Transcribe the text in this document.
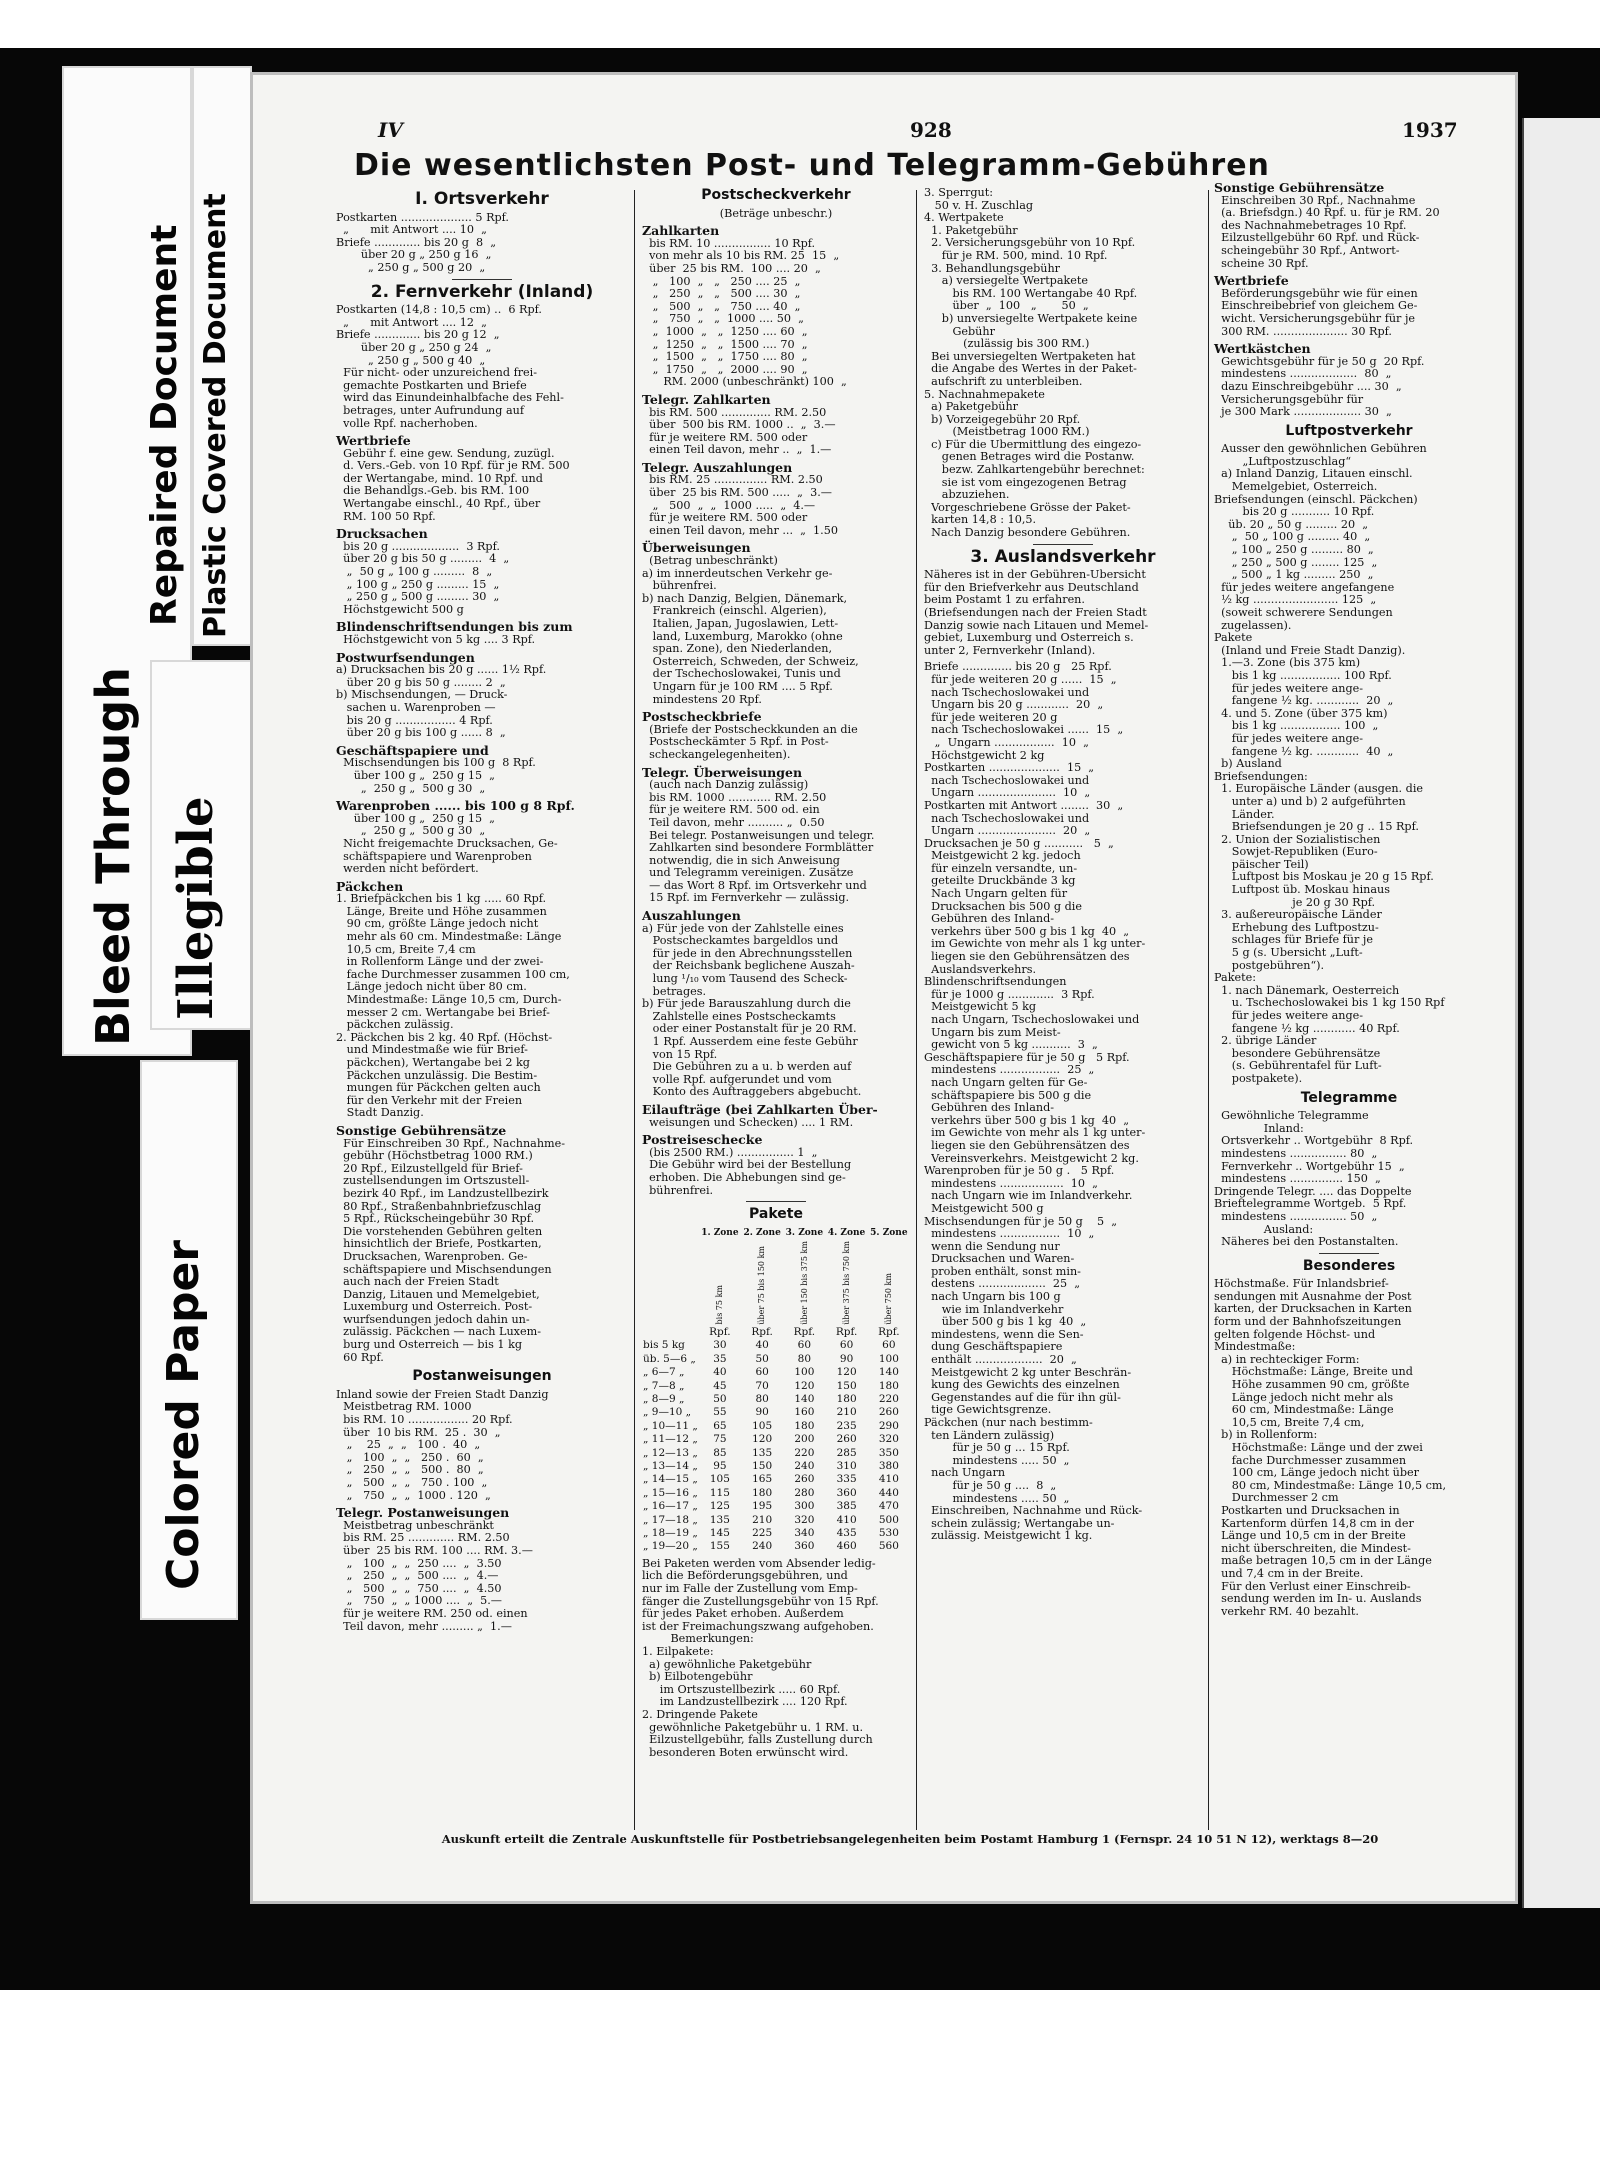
Bleed Through
Repaired Document Plastic Covered Document
Illegible
Colored Paper
IV	928	1937
Die wesentlichsten Post- und Telegramm-Gebühren
I. Ortsverkehr
Postkarten .................... 5 Rpf.
„      mit Antwort .... 10  „
Briefe ............. bis 20 g  8  „
über 20 g „ 250 g 16  „
„ 250 g „ 500 g 20  „
2. Fernverkehr (Inland)
Postkarten (14,8 : 10,5 cm) ..  6 Rpf.
„      mit Antwort .... 12  „
Briefe ............. bis 20 g 12  „
über 20 g „ 250 g 24  „
„ 250 g „ 500 g 40  „
Für nicht- oder unzureichend frei-
gemachte Postkarten und Briefe
wird das Einundeinhalbfache des Fehl-
betrages, unter Aufrundung auf
volle Rpf. nacherhoben.
Wertbriefe
Gebühr f. eine gew. Sendung, zuzügl.
d. Vers.-Geb. von 10 Rpf. für je RM. 500
der Wertangabe, mind. 10 Rpf. und
die Behandlgs.-Geb. bis RM. 100
Wertangabe einschl., 40 Rpf., über
RM. 100 50 Rpf.
Drucksachen
bis 20 g ...................  3 Rpf.
über 20 g bis 50 g .........  4  „
„  50 g „ 100 g .........  8  „
„ 100 g „ 250 g ......... 15  „
„ 250 g „ 500 g ......... 30  „
Höchstgewicht 500 g
Blindenschriftsendungen bis zum
Höchstgewicht von 5 kg .... 3 Rpf.
Postwurfsendungen
a) Drucksachen bis 20 g ...... 1½ Rpf.
über 20 g bis 50 g ........ 2  „
b) Mischsendungen, — Druck-
sachen u. Warenproben —
bis 20 g ................. 4 Rpf.
über 20 g bis 100 g ...... 8  „
Geschäftspapiere und
Mischsendungen bis 100 g  8 Rpf.
über 100 g „  250 g 15  „
„  250 g „  500 g 30  „
Warenproben ...... bis 100 g 8 Rpf.
über 100 g „  250 g 15  „
„  250 g „  500 g 30  „
Nicht freigemachte Drucksachen, Ge-
schäftspapiere und Warenproben
werden nicht befördert.
Päckchen
1. Briefpäckchen bis 1 kg ..... 60 Rpf.
Länge, Breite und Höhe zusammen
90 cm, größte Länge jedoch nicht
mehr als 60 cm. Mindestmaße: Länge
10,5 cm, Breite 7,4 cm
in Rollenform Länge und der zwei-
fache Durchmesser zusammen 100 cm,
Länge jedoch nicht über 80 cm.
Mindestmaße: Länge 10,5 cm, Durch-
messer 2 cm. Wertangabe bei Brief-
päckchen zulässig.
2. Päckchen bis 2 kg. 40 Rpf. (Höchst-
und Mindestmaße wie für Brief-
päckchen), Wertangabe bei 2 kg
Päckchen unzulässig. Die Bestim-
mungen für Päckchen gelten auch
für den Verkehr mit der Freien
Stadt Danzig.
Sonstige Gebührensätze
Für Einschreiben 30 Rpf., Nachnahme-
gebühr (Höchstbetrag 1000 RM.)
20 Rpf., Eilzustellgeld für Brief-
zustellsendungen im Ortszustell-
bezirk 40 Rpf., im Landzustellbezirk
80 Rpf., Straßenbahnbriefzuschlag
5 Rpf., Rückscheingebühr 30 Rpf.
Die vorstehenden Gebühren gelten
hinsichtlich der Briefe, Postkarten,
Drucksachen, Warenproben. Ge-
schäftspapiere und Mischsendungen
auch nach der Freien Stadt
Danzig, Litauen und Memelgebiet,
Luxemburg und Österreich. Post-
wurfsendungen jedoch dahin un-
zulässig. Päckchen — nach Luxem-
burg und Österreich — bis 1 kg
60 Rpf.
Postanweisungen
Inland sowie der Freien Stadt Danzig
Meistbetrag RM. 1000
bis RM. 10 ................. 20 Rpf.
über  10 bis RM.  25 .  30  „
„    25  „  „   100 .  40  „
„   100  „  „   250 .  60  „
„   250  „  „   500 .  80  „
„   500  „  „   750 . 100  „
„   750  „  „  1000 . 120  „
Telegr. Postanweisungen
Meistbetrag unbeschränkt
bis RM. 25 ............. RM. 2.50
über  25 bis RM. 100 .... RM. 3.—
„   100  „  „  250 ....  „  3.50
„   250  „  „  500 ....  „  4.—
„   500  „  „  750 ....  „  4.50
„   750  „  „ 1000 ....  „  5.—
für je weitere RM. 250 od. einen
Teil davon, mehr ......... „  1.—
Postscheckverkehr
(Beträge unbeschr.)
Zahlkarten
bis RM. 10 ................ 10 Rpf.
von mehr als 10 bis RM. 25  15  „
über  25 bis RM.  100 .... 20  „
„   100  „   „   250 .... 25  „
„   250  „   „   500 .... 30  „
„   500  „   „   750 .... 40  „
„   750  „   „  1000 .... 50  „
„  1000  „   „  1250 .... 60  „
„  1250  „   „  1500 .... 70  „
„  1500  „   „  1750 .... 80  „
„  1750  „   „  2000 .... 90  „
RM. 2000 (unbeschränkt) 100  „
Telegr. Zahlkarten
bis RM. 500 .............. RM. 2.50
über  500 bis RM. 1000 ..  „  3.—
für je weitere RM. 500 oder
einen Teil davon, mehr ..  „  1.—
Telegr. Auszahlungen
bis RM. 25 ............... RM. 2.50
über  25 bis RM. 500 .....  „  3.—
„   500  „  „  1000 .....  „  4.—
für je weitere RM. 500 oder
einen Teil davon, mehr ...  „  1.50
Überweisungen
(Betrag unbeschränkt)
a) im innerdeutschen Verkehr ge-
bührenfrei.
b) nach Danzig, Belgien, Dänemark,
Frankreich (einschl. Algerien),
Italien, Japan, Jugoslawien, Lett-
land, Luxemburg, Marokko (ohne
span. Zone), den Niederlanden,
Österreich, Schweden, der Schweiz,
der Tschechoslowakei, Tunis und
Ungarn für je 100 RM .... 5 Rpf.
mindestens 20 Rpf.
Postscheckbriefe
(Briefe der Postscheckkunden an die
Postscheckämter 5 Rpf. in Post-
scheckangelegenheiten).
Telegr. Überweisungen
(auch nach Danzig zulässig)
bis RM. 1000 ............ RM. 2.50
für je weitere RM. 500 od. ein
Teil davon, mehr .......... „  0.50
Bei telegr. Postanweisungen und telegr.
Zahlkarten sind besondere Formblätter
notwendig, die in sich Anweisung
und Telegramm vereinigen. Zusätze
— das Wort 8 Rpf. im Ortsverkehr und
15 Rpf. im Fernverkehr — zulässig.
Auszahlungen
a) Für jede von der Zahlstelle eines
Postscheckamtes bargeldlos und
für jede in den Abrechnungsstellen
der Reichsbank beglichene Auszah-
lung ¹/₁₀ vom Tausend des Scheck-
betrages.
b) Für jede Barauszahlung durch die
Zahlstelle eines Postscheckamts
oder einer Postanstalt für je 20 RM.
1 Rpf. Ausserdem eine feste Gebühr
von 15 Rpf.
Die Gebühren zu a u. b werden auf
volle Rpf. aufgerundet und vom
Konto des Auftraggebers abgebucht.
Eilaufträge (bei Zahlkarten Über-
weisungen und Schecken) .... 1 RM.
Postreiseschecke
(bis 2500 RM.) ................ 1  „
Die Gebühr wird bei der Bestellung
erhoben. Die Abhebungen sind ge-
bührenfrei.
Pakete
	1. Zone	2. Zone	3. Zone	4. Zone	5. Zone

	bis 75 km	über 75 bis 150 km	über 150 bis 375 km	über 375 bis 750 km	über 750 km

	Rpf.	Rpf.	Rpf.	Rpf.	Rpf.
bis 5 kg	30	40	60	60	60
üb. 5—6 „	35	50	80	90	100
„ 6—7 „	40	60	100	120	140
„ 7—8 „	45	70	120	150	180
„ 8—9 „	50	80	140	180	220
„ 9—10 „	55	90	160	210	260
„ 10—11 „	65	105	180	235	290
„ 11—12 „	75	120	200	260	320
„ 12—13 „	85	135	220	285	350
„ 13—14 „	95	150	240	310	380
„ 14—15 „	105	165	260	335	410
„ 15—16 „	115	180	280	360	440
„ 16—17 „	125	195	300	385	470
„ 17—18 „	135	210	320	410	500
„ 18—19 „	145	225	340	435	530
„ 19—20 „	155	240	360	460	560
Bei Paketen werden vom Absender ledig-
lich die Beförderungsgebühren, und
nur im Falle der Zustellung vom Emp-
fänger die Zustellungsgebühr von 15 Rpf.
für jedes Paket erhoben. Außerdem
ist der Freimachungszwang aufgehoben.
Bemerkungen:
1. Eilpakete:
a) gewöhnliche Paketgebühr
b) Eilbotengebühr
im Ortszustellbezirk ..... 60 Rpf.
im Landzustellbezirk .... 120 Rpf.
2. Dringende Pakete
gewöhnliche Paketgebühr u. 1 RM. u.
Eilzustellgebühr, falls Zustellung durch
besonderen Boten erwünscht wird.
3. Sperrgut:
50 v. H. Zuschlag
4. Wertpakete
1. Paketgebühr
2. Versicherungsgebühr von 10 Rpf.
für je RM. 500, mind. 10 Rpf.
3. Behandlungsgebühr
a) versiegelte Wertpakete
bis RM. 100 Wertangabe 40 Rpf.
über  „  100   „       50  „
b) unversiegelte Wertpakete keine
Gebühr
(zulässig bis 300 RM.)
Bei unversiegelten Wertpaketen hat
die Angabe des Wertes in der Paket-
aufschrift zu unterbleiben.
5. Nachnahmepakete
a) Paketgebühr
b) Vorzeigegebühr 20 Rpf.
(Meistbetrag 1000 RM.)
c) Für die Übermittlung des eingezo-
genen Betrages wird die Postanw.
bezw. Zahlkartengebühr berechnet:
sie ist vom eingezogenen Betrag
abzuziehen.
Vorgeschriebene Grösse der Paket-
karten 14,8 : 10,5.
Nach Danzig besondere Gebühren.
3. Auslandsverkehr
Näheres ist in der Gebühren-Übersicht
für den Briefverkehr aus Deutschland
beim Postamt 1 zu erfahren.
(Briefsendungen nach der Freien Stadt
Danzig sowie nach Litauen und Memel-
gebiet, Luxemburg und Österreich s.
unter 2, Fernverkehr (Inland).
Briefe .............. bis 20 g   25 Rpf.
für jede weiteren 20 g ......  15  „
nach Tschechoslowakei und
Ungarn bis 20 g ............  20  „
für jede weiteren 20 g
nach Tschechoslowakei ......  15  „
„  Ungarn .................  10  „
Höchstgewicht 2 kg
Postkarten ....................  15  „
nach Tschechoslowakei und
Ungarn ......................  10  „
Postkarten mit Antwort ........  30  „
nach Tschechoslowakei und
Ungarn ......................  20  „
Drucksachen je 50 g ...........   5  „
Meistgewicht 2 kg. jedoch
für einzeln versandte, un-
geteilte Druckbände 3 kg
Nach Ungarn gelten für
Drucksachen bis 500 g die
Gebühren des Inland-
verkehrs über 500 g bis 1 kg  40  „
im Gewichte von mehr als 1 kg unter-
liegen sie den Gebührensätzen des
Auslandsverkehrs.
Blindenschriftsendungen
für je 1000 g .............  3 Rpf.
Meistgewicht 5 kg
nach Ungarn, Tschechoslowakei und
Ungarn bis zum Meist-
gewicht von 5 kg ...........  3  „
Geschäftspapiere für je 50 g   5 Rpf.
mindestens .................  25  „
nach Ungarn gelten für Ge-
schäftspapiere bis 500 g die
Gebühren des Inland-
verkehrs über 500 g bis 1 kg  40  „
im Gewichte von mehr als 1 kg unter-
liegen sie den Gebührensätzen des
Vereinsverkehrs. Meistgewicht 2 kg.
Warenproben für je 50 g .   5 Rpf.
mindestens ..................  10  „
nach Ungarn wie im Inlandverkehr.
Meistgewicht 500 g
Mischsendungen für je 50 g    5  „
mindestens .................  10  „
wenn die Sendung nur
Drucksachen und Waren-
proben enthält, sonst min-
destens ...................  25  „
nach Ungarn bis 100 g
wie im Inlandverkehr
über 500 g bis 1 kg  40  „
mindestens, wenn die Sen-
dung Geschäftspapiere
enthält ...................  20  „
Meistgewicht 2 kg unter Beschrän-
kung des Gewichts des einzelnen
Gegenstandes auf die für ihn gül-
tige Gewichtsgrenze.
Päckchen (nur nach bestimm-
ten Ländern zulässig)
für je 50 g ... 15 Rpf.
mindestens ..... 50  „
nach Ungarn
für je 50 g ....  8  „
mindestens ..... 50  „
Einschreiben, Nachnahme und Rück-
schein zulässig; Wertangabe un-
zulässig. Meistgewicht 1 kg.
Sonstige Gebührensätze
Einschreiben 30 Rpf., Nachnahme
(a. Briefsdgn.) 40 Rpf. u. für je RM. 20
des Nachnahmebetrages 10 Rpf.
Eilzustellgebühr 60 Rpf. und Rück-
scheingebühr 30 Rpf., Antwort-
scheine 30 Rpf.
Wertbriefe
Beförderungsgebühr wie für einen
Einschreibebrief von gleichem Ge-
wicht. Versicherungsgebühr für je
300 RM. ..................... 30 Rpf.
Wertkästchen
Gewichtsgebühr für je 50 g  20 Rpf.
mindestens ...................  80  „
dazu Einschreibgebühr .... 30  „
Versicherungsgebühr für
je 300 Mark ................... 30  „
Luftpostverkehr
Ausser den gewöhnlichen Gebühren
„Luftpostzuschlag“
a) Inland Danzig, Litauen einschl.
Memelgebiet, Österreich.
Briefsendungen (einschl. Päckchen)
bis 20 g ........... 10 Rpf.
üb. 20 „ 50 g ......... 20  „
„  50 „ 100 g ......... 40  „
„ 100 „ 250 g ......... 80  „
„ 250 „ 500 g ........ 125  „
„ 500 „ 1 kg ......... 250  „
für jedes weitere angefangene
½ kg ........................ 125  „
(soweit schwerere Sendungen
zugelassen).
Pakete
(Inland und Freie Stadt Danzig).
1.—3. Zone (bis 375 km)
bis 1 kg ................. 100 Rpf.
für jedes weitere ange-
fangene ½ kg. ............  20  „
4. und 5. Zone (über 375 km)
bis 1 kg ................. 100  „
für jedes weitere ange-
fangene ½ kg. ............  40  „
b) Ausland
Briefsendungen:
1. Europäische Länder (ausgen. die
unter a) und b) 2 aufgeführten
Länder.
Briefsendungen je 20 g .. 15 Rpf.
2. Union der Sozialistischen
Sowjet-Republiken (Euro-
päischer Teil)
Luftpost bis Moskau je 20 g 15 Rpf.
Luftpost üb. Moskau hinaus
je 20 g 30 Rpf.
3. außereuropäische Länder
Erhebung des Luftpostzu-
schlages für Briefe für je
5 g (s. Übersicht „Luft-
postgebühren“).
Pakete:
1. nach Dänemark, Oesterreich
u. Tschechoslowakei bis 1 kg 150 Rpf
für jedes weitere ange-
fangene ½ kg ............ 40 Rpf.
2. übrige Länder
besondere Gebührensätze
(s. Gebührentafel für Luft-
postpakete).
Telegramme
Gewöhnliche Telegramme
Inland:
Ortsverkehr .. Wortgebühr  8 Rpf.
mindestens ................ 80  „
Fernverkehr .. Wortgebühr 15  „
mindestens ............... 150  „
Dringende Telegr. .... das Doppelte
Brieftelegramme Wortgeb.  5 Rpf.
mindestens ................ 50  „
Ausland:
Näheres bei den Postanstalten.
Besonderes
Höchstmaße. Für Inlandsbrief-
sendungen mit Ausnahme der Post
karten, der Drucksachen in Karten
form und der Bahnhofszeitungen
gelten folgende Höchst- und
Mindestmaße:
a) in rechteckiger Form:
Höchstmaße: Länge, Breite und
Höhe zusammen 90 cm, größte
Länge jedoch nicht mehr als
60 cm, Mindestmaße: Länge
10,5 cm, Breite 7,4 cm,
b) in Rollenform:
Höchstmaße: Länge und der zwei
fache Durchmesser zusammen
100 cm, Länge jedoch nicht über
80 cm, Mindestmaße: Länge 10,5 cm,
Durchmesser 2 cm
Postkarten und Drucksachen in
Kartenform dürfen 14,8 cm in der
Länge und 10,5 cm in der Breite
nicht überschreiten, die Mindest-
maße betragen 10,5 cm in der Länge
und 7,4 cm in der Breite.
Für den Verlust einer Einschreib-
sendung werden im In- u. Auslands
verkehr RM. 40 bezahlt.
Auskunft erteilt die Zentrale Auskunftstelle für Postbetriebsangelegenheiten beim Postamt Hamburg 1 (Fernspr. 24 10 51 N 12), werktags 8—20
